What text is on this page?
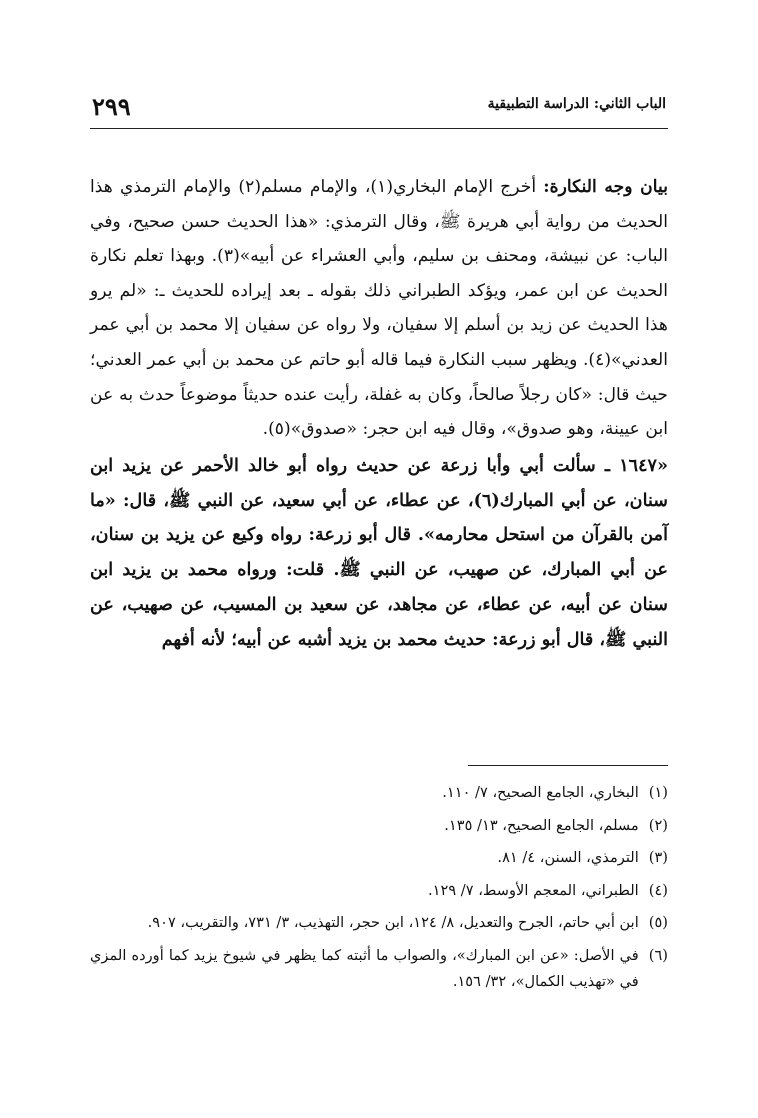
الباب الثاني: الدراسة التطبيقية
٢٩٩

بيان وجه النكارة: أخرج الإمام البخاري(١)، والإمام مسلم(٢) والإمام الترمذي هذا الحديث من رواية أبي هريرة ﷺ، وقال الترمذي: «هذا الحديث حسن صحيح، وفي الباب: عن نبيشة، ومحنف بن سليم، وأبي العشراء عن أبيه»(٣). وبهذا تعلم نكارة الحديث عن ابن عمر، ويؤكد الطبراني ذلك بقوله ـ بعد إيراده للحديث ـ: «لم يرو هذا الحديث عن زيد بن أسلم إلا سفيان، ولا رواه عن سفيان إلا محمد بن أبي عمر العدني»(٤). ويظهر سبب النكارة فيما قاله أبو حاتم عن محمد بن أبي عمر العدني؛ حيث قال: «كان رجلاً صالحاً، وكان به غفلة، رأيت عنده حديثاً موضوعاً حدث به عن ابن عيينة، وهو صدوق»، وقال فيه ابن حجر: «صدوق»(٥).

«١٦٤٧ ـ سألت أبي وأبا زرعة عن حديث رواه أبو خالد الأحمر عن يزيد ابن سنان، عن أبي المبارك(٦)، عن عطاء، عن أبي سعيد، عن النبي ﷺ، قال: «ما آمن بالقرآن من استحل محارمه». قال أبو زرعة: رواه وكيع عن يزيد بن سنان، عن أبي المبارك، عن صهيب، عن النبي ﷺ. قلت: ورواه محمد بن يزيد ابن سنان عن أبيه، عن عطاء، عن مجاهد، عن سعيد بن المسيب، عن صهيب، عن النبي ﷺ، قال أبو زرعة: حديث محمد بن يزيد أشبه عن أبيه؛ لأنه أفهم

(١)
البخاري، الجامع الصحيح، ٧/ ١١٠.
(٢)
مسلم، الجامع الصحيح، ١٣/ ١٣٥.
(٣)
الترمذي، السنن، ٤/ ٨١.
(٤)
الطبراني، المعجم الأوسط، ٧/ ١٢٩.
(٥)
ابن أبي حاتم، الجرح والتعديل، ٨/ ١٢٤، ابن حجر، التهذيب، ٣/ ٧٣١، والتقريب، ٩٠٧.
(٦)
في الأصل: «عن ابن المبارك»، والصواب ما أثبته كما يظهر في شيوخ يزيد كما أورده المزي في «تهذيب الكمال»، ٣٢/ ١٥٦.
